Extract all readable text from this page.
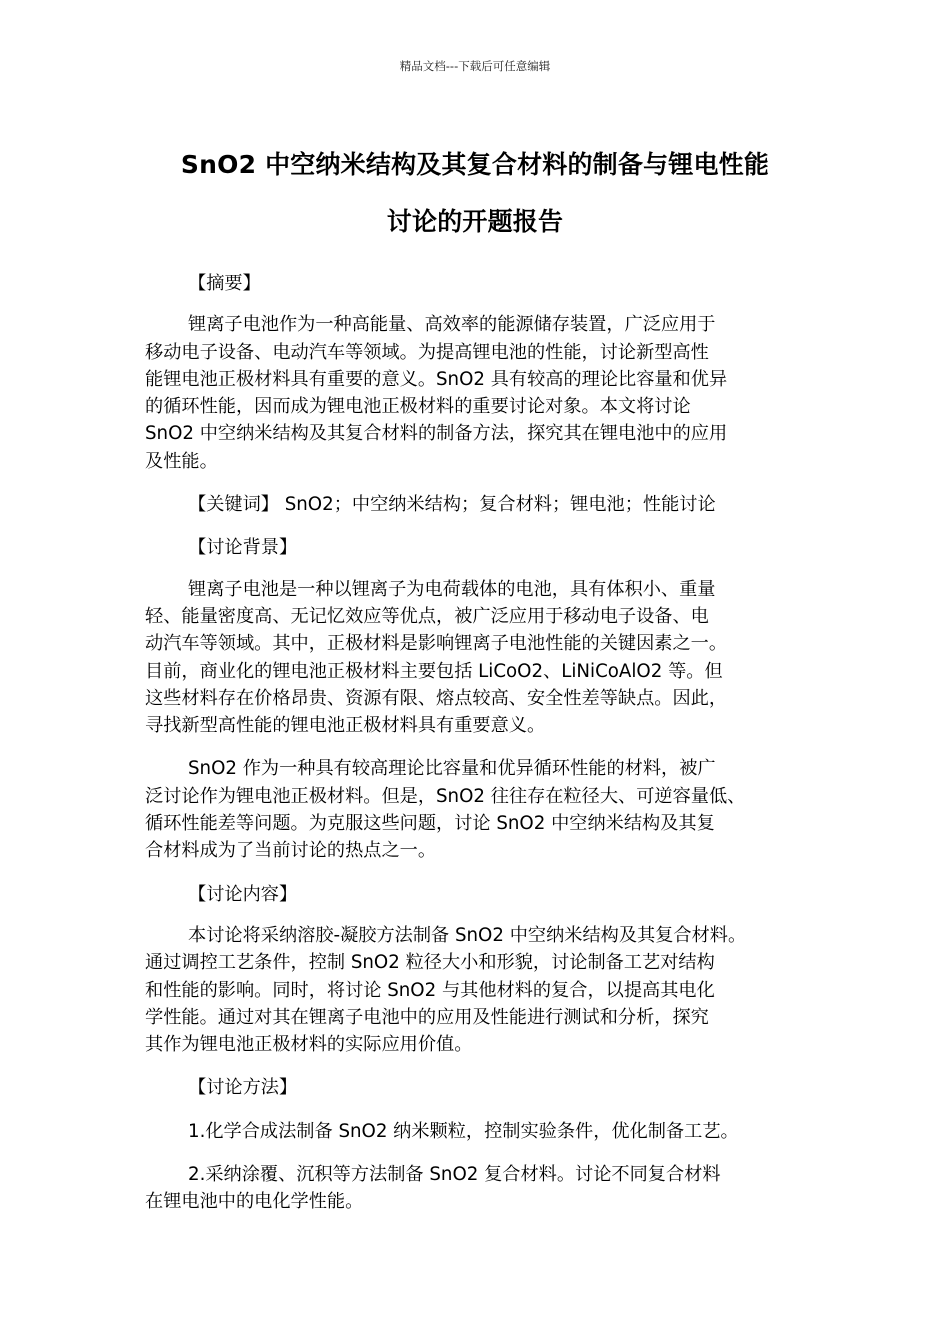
精品文档---下载后可任意编辑
SnO2 中空纳米结构及其复合材料的制备与锂电性能
讨论的开题报告

【摘要】

锂离子电池作为一种高能量、高效率的能源储存装置，广泛应用于
移动电子设备、电动汽车等领域。为提高锂电池的性能，讨论新型高性
能锂电池正极材料具有重要的意义。SnO2 具有较高的理论比容量和优异
的循环性能，因而成为锂电池正极材料的重要讨论对象。本文将讨论
SnO2 中空纳米结构及其复合材料的制备方法，探究其在锂电池中的应用
及性能。

【关键词】 SnO2；中空纳米结构；复合材料；锂电池；性能讨论

【讨论背景】

锂离子电池是一种以锂离子为电荷载体的电池，具有体积小、重量
轻、能量密度高、无记忆效应等优点，被广泛应用于移动电子设备、电
动汽车等领域。其中，正极材料是影响锂离子电池性能的关键因素之一。
目前，商业化的锂电池正极材料主要包括 LiCoO2、LiNiCoAlO2 等。但
这些材料存在价格昂贵、资源有限、熔点较高、安全性差等缺点。因此，
寻找新型高性能的锂电池正极材料具有重要意义。

SnO2 作为一种具有较高理论比容量和优异循环性能的材料，被广
泛讨论作为锂电池正极材料。但是，SnO2 往往存在粒径大、可逆容量低、
循环性能差等问题。为克服这些问题，讨论 SnO2 中空纳米结构及其复
合材料成为了当前讨论的热点之一。

【讨论内容】

本讨论将采纳溶胶-凝胶方法制备 SnO2 中空纳米结构及其复合材料。
通过调控工艺条件，控制 SnO2 粒径大小和形貌，讨论制备工艺对结构
和性能的影响。同时，将讨论 SnO2 与其他材料的复合，以提高其电化
学性能。通过对其在锂离子电池中的应用及性能进行测试和分析，探究
其作为锂电池正极材料的实际应用价值。

【讨论方法】

1.化学合成法制备 SnO2 纳米颗粒，控制实验条件，优化制备工艺。

2.采纳涂覆、沉积等方法制备 SnO2 复合材料。讨论不同复合材料
在锂电池中的电化学性能。
